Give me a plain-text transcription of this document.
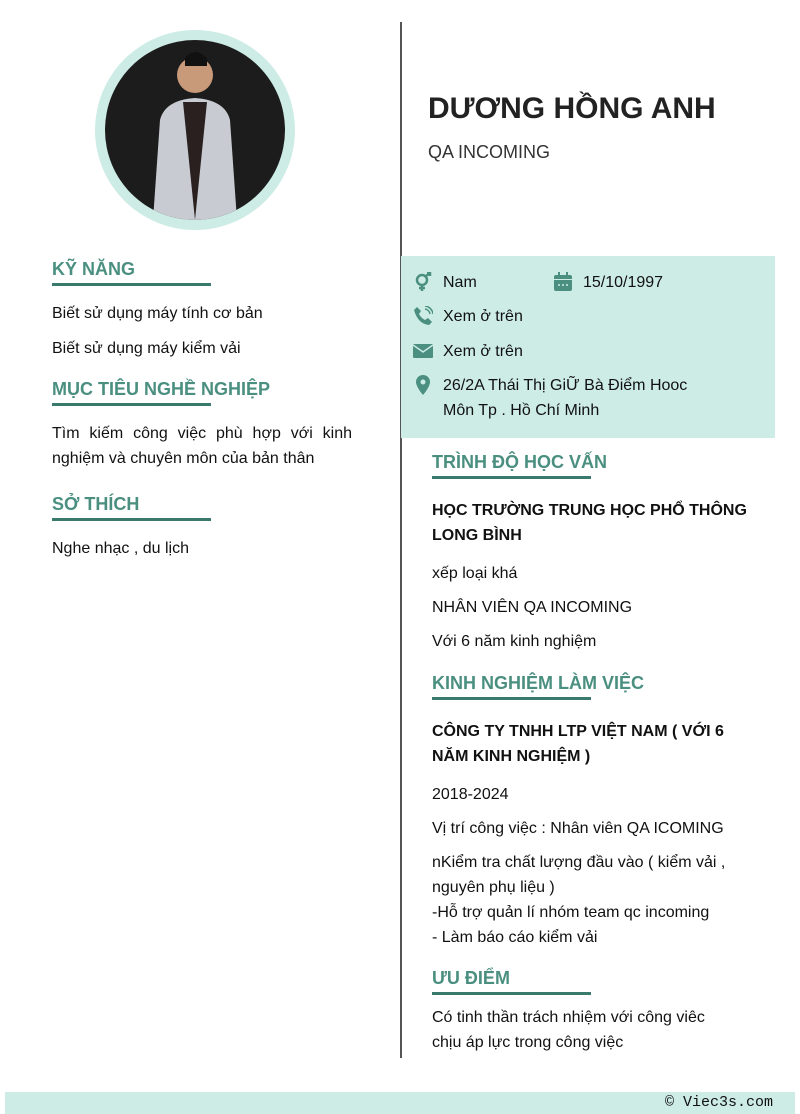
DƯƠNG HỒNG ANH
QA INCOMING
Nam	15/10/1997
Xem ở trên
Xem ở trên
26/2A Thái Thị GiỮ Bà Điểm Hooc
Môn Tp . Hồ Chí Minh
KỸ NĂNG
Biết sử dụng máy tính cơ bản
Biết sử dụng máy kiểm vải
MỤC TIÊU NGHỀ NGHIỆP
Tìm kiếm công việc phù hợp với kinh
nghiệm và chuyên môn của bản thân
SỞ THÍCH
Nghe nhạc , du lịch
TRÌNH ĐỘ HỌC VẤN
HỌC TRƯỜNG TRUNG HỌC PHỔ THÔNG
LONG BÌNH
xếp loại khá
NHÂN VIÊN QA INCOMING
Với 6 năm kinh nghiệm
KINH NGHIỆM LÀM VIỆC
CÔNG TY TNHH LTP VIỆT NAM ( VỚI 6
NĂM KINH NGHIỆM )
2018-2024
Vị trí công việc : Nhân viên QA ICOMING
nKiểm tra chất lượng đầu vào ( kiểm vải ,
nguyên phụ liệu )
-Hỗ trợ quản lí nhóm team qc incoming
- Làm báo cáo kiểm vải
ƯU ĐIỂM
Có tinh thần trách nhiệm với công viêc
chịu áp lực trong công việc
© Viec3s.com
